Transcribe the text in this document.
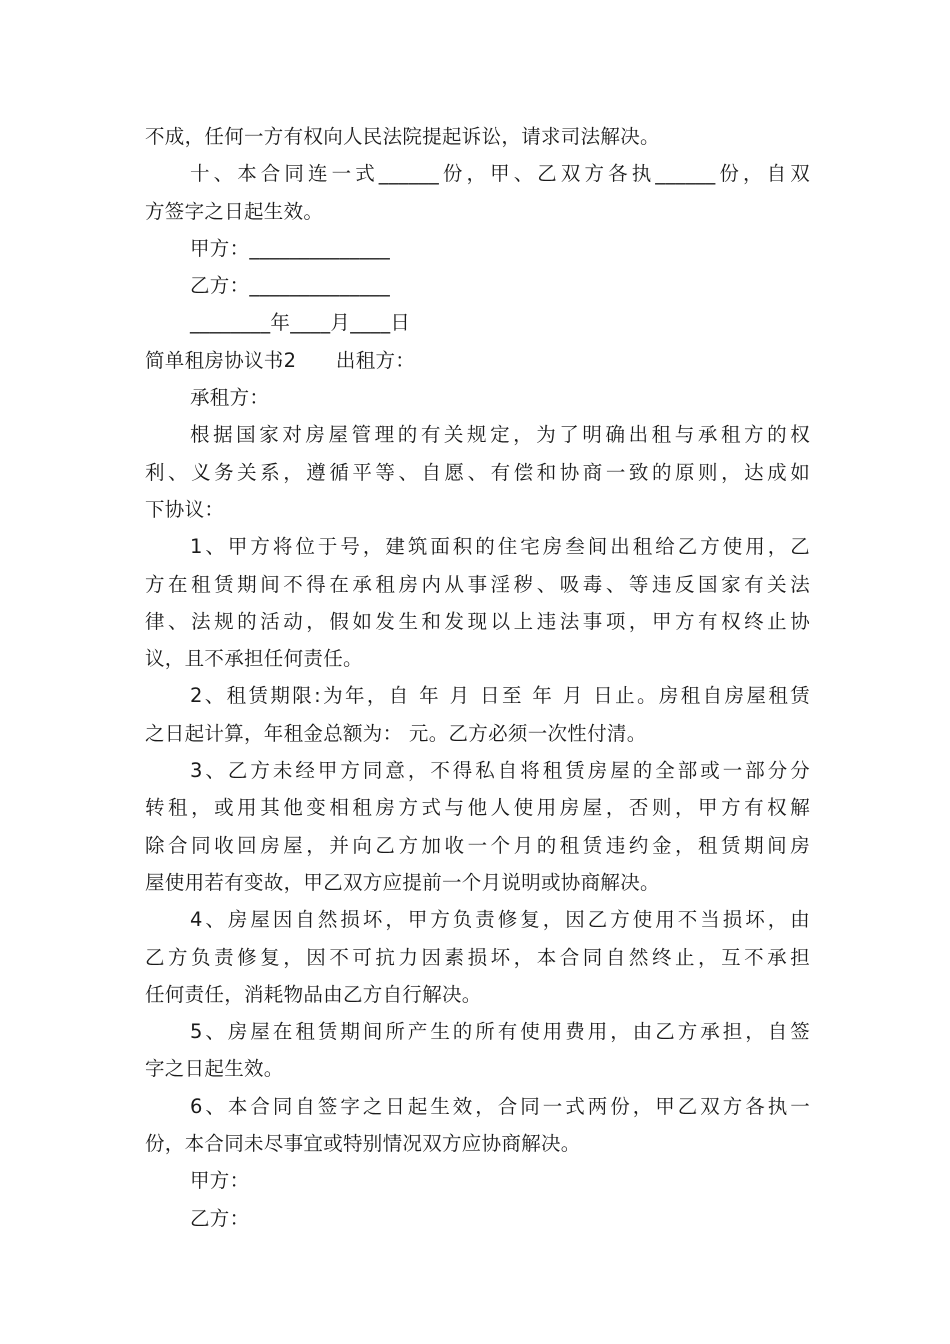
不成，任何一方有权向人民法院提起诉讼，请求司法解决。
十、本合同连一式______份，甲、乙双方各执______份，自双
方签字之日起生效。
甲方：______________
乙方：______________
________年____月____日
简单租房协议书2　　出租方：
承租方：
根据国家对房屋管理的有关规定，为了明确出租与承租方的权
利、义务关系，遵循平等、自愿、有偿和协商一致的原则，达成如
下协议：
1、甲方将位于号，建筑面积的住宅房叁间出租给乙方使用，乙
方在租赁期间不得在承租房内从事淫秽、吸毒、等违反国家有关法
律、法规的活动，假如发生和发现以上违法事项，甲方有权终止协
议，且不承担任何责任。
2、租赁期限:为年，自 年 月 日至 年 月 日止。房租自房屋租赁
之日起计算，年租金总额为： 元。乙方必须一次性付清。
3、乙方未经甲方同意，不得私自将租赁房屋的全部或一部分分
转租，或用其他变相租房方式与他人使用房屋，否则，甲方有权解
除合同收回房屋，并向乙方加收一个月的租赁违约金，租赁期间房
屋使用若有变故，甲乙双方应提前一个月说明或协商解决。
4、房屋因自然损坏，甲方负责修复，因乙方使用不当损坏，由
乙方负责修复，因不可抗力因素损坏，本合同自然终止，互不承担
任何责任，消耗物品由乙方自行解决。
5、房屋在租赁期间所产生的所有使用费用，由乙方承担，自签
字之日起生效。
6、本合同自签字之日起生效，合同一式两份，甲乙双方各执一
份，本合同未尽事宜或特别情况双方应协商解决。
甲方：
乙方：
